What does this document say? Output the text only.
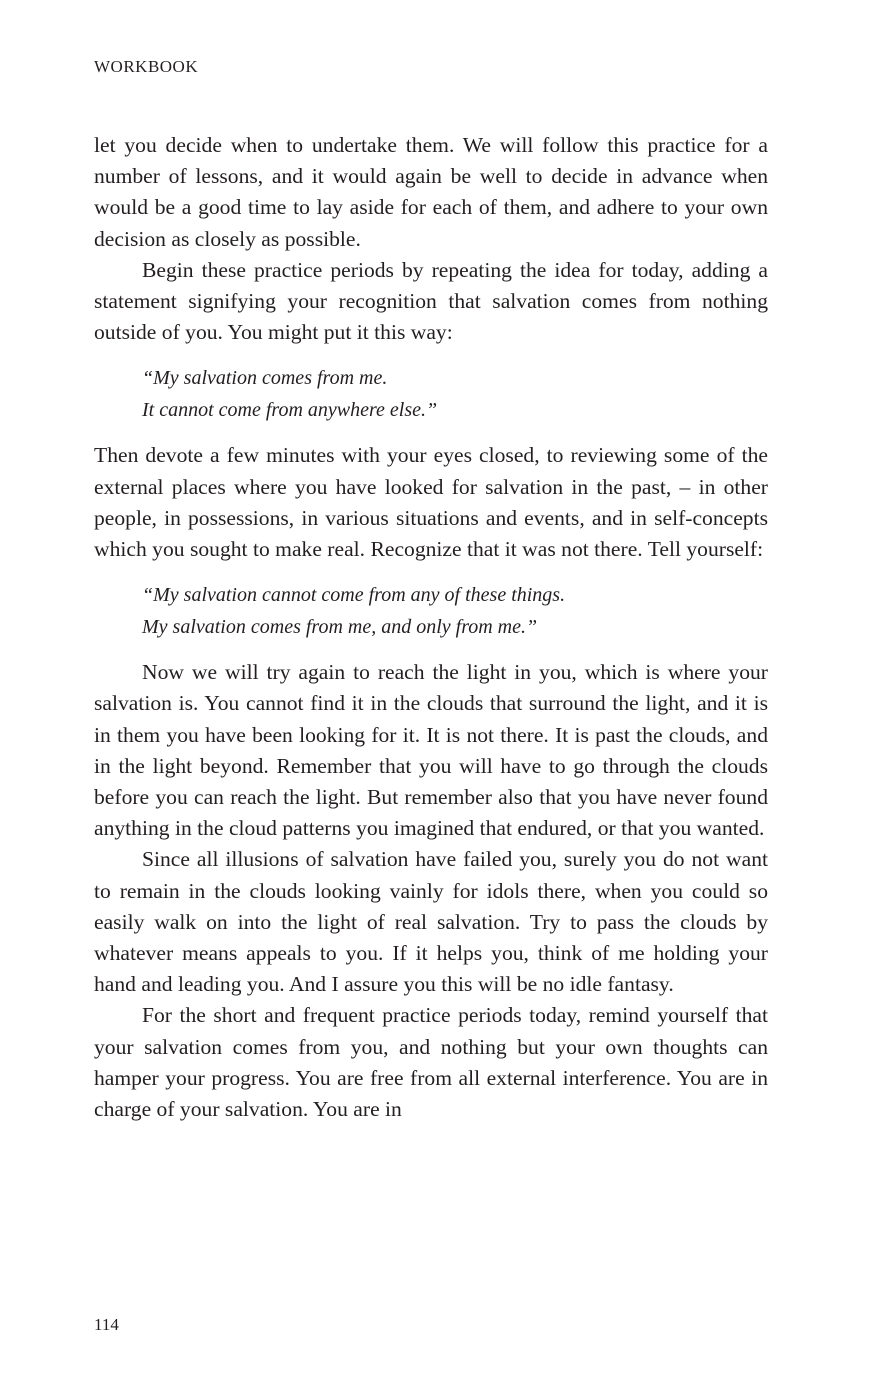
WORKBOOK

let you decide when to undertake them. We will follow this practice for a number of lessons, and it would again be well to decide in advance when would be a good time to lay aside for each of them, and adhere to your own decision as closely as possible.

Begin these practice periods by repeating the idea for today, adding a statement signifying your recognition that salvation comes from nothing outside of you. You might put it this way:

“My salvation comes from me.
It cannot come from anywhere else.”

Then devote a few minutes with your eyes closed, to reviewing some of the external places where you have looked for salvation in the past, – in other people, in possessions, in various situations and events, and in self-concepts which you sought to make real. Recognize that it was not there. Tell yourself:

“My salvation cannot come from any of these things.
My salvation comes from me, and only from me.”

Now we will try again to reach the light in you, which is where your salvation is. You cannot find it in the clouds that surround the light, and it is in them you have been looking for it. It is not there. It is past the clouds, and in the light beyond. Remember that you will have to go through the clouds before you can reach the light. But remember also that you have never found anything in the cloud patterns you imagined that endured, or that you wanted.

Since all illusions of salvation have failed you, surely you do not want to remain in the clouds looking vainly for idols there, when you could so easily walk on into the light of real salvation. Try to pass the clouds by whatever means appeals to you. If it helps you, think of me holding your hand and leading you. And I assure you this will be no idle fantasy.

For the short and frequent practice periods today, remind yourself that your salvation comes from you, and nothing but your own thoughts can hamper your progress. You are free from all external interference. You are in charge of your salvation. You are in

114
